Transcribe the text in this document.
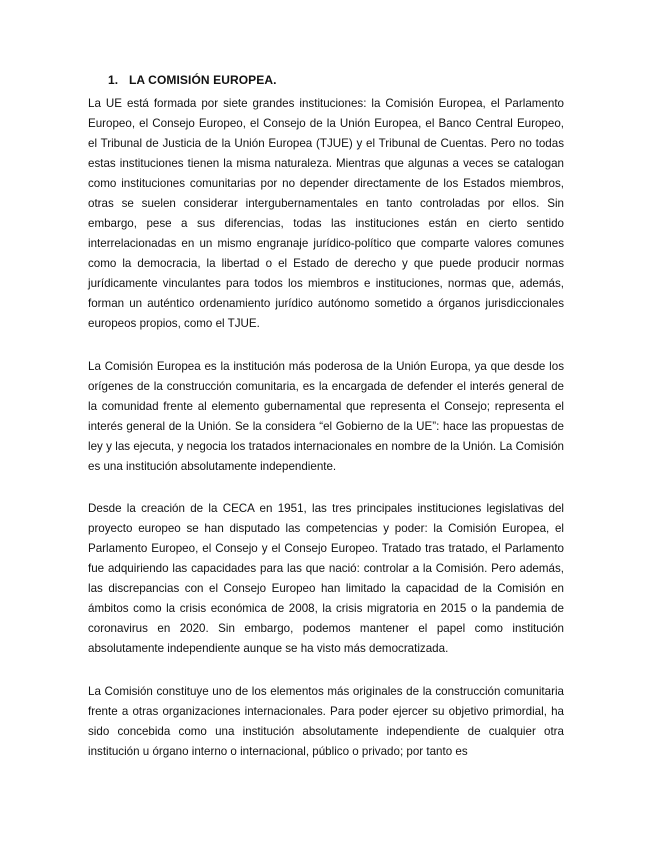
1. LA COMISIÓN EUROPEA.

La UE está formada por siete grandes instituciones: la Comisión Europea, el Parlamento Europeo, el Consejo Europeo, el Consejo de la Unión Europea, el Banco Central Europeo, el Tribunal de Justicia de la Unión Europea (TJUE) y el Tribunal de Cuentas. Pero no todas estas instituciones tienen la misma naturaleza. Mientras que algunas a veces se catalogan como instituciones comunitarias por no depender directamente de los Estados miembros, otras se suelen considerar intergubernamentales en tanto controladas por ellos. Sin embargo, pese a sus diferencias, todas las instituciones están en cierto sentido interrelacionadas en un mismo engranaje jurídico-político que comparte valores comunes como la democracia, la libertad o el Estado de derecho y que puede producir normas jurídicamente vinculantes para todos los miembros e instituciones, normas que, además, forman un auténtico ordenamiento jurídico autónomo sometido a órganos jurisdiccionales europeos propios, como el TJUE.

La Comisión Europea es la institución más poderosa de la Unión Europa, ya que desde los orígenes de la construcción comunitaria, es la encargada de defender el interés general de la comunidad frente al elemento gubernamental que representa el Consejo; representa el interés general de la Unión. Se la considera “el Gobierno de la UE”: hace las propuestas de ley y las ejecuta, y negocia los tratados internacionales en nombre de la Unión. La Comisión es una institución absolutamente independiente.

Desde la creación de la CECA en 1951, las tres principales instituciones legislativas del proyecto europeo se han disputado las competencias y poder: la Comisión Europea, el Parlamento Europeo, el Consejo y el Consejo Europeo. Tratado tras tratado, el Parlamento fue adquiriendo las capacidades para las que nació: controlar a la Comisión. Pero además, las discrepancias con el Consejo Europeo han limitado la capacidad de la Comisión en ámbitos como la crisis económica de 2008, la crisis migratoria en 2015 o la pandemia de coronavirus en 2020. Sin embargo, podemos mantener el papel como institución absolutamente independiente aunque se ha visto más democratizada.

La Comisión constituye uno de los elementos más originales de la construcción comunitaria frente a otras organizaciones internacionales. Para poder ejercer su objetivo primordial, ha sido concebida como una institución absolutamente independiente de cualquier otra institución u órgano interno o internacional, público o privado; por tanto es
